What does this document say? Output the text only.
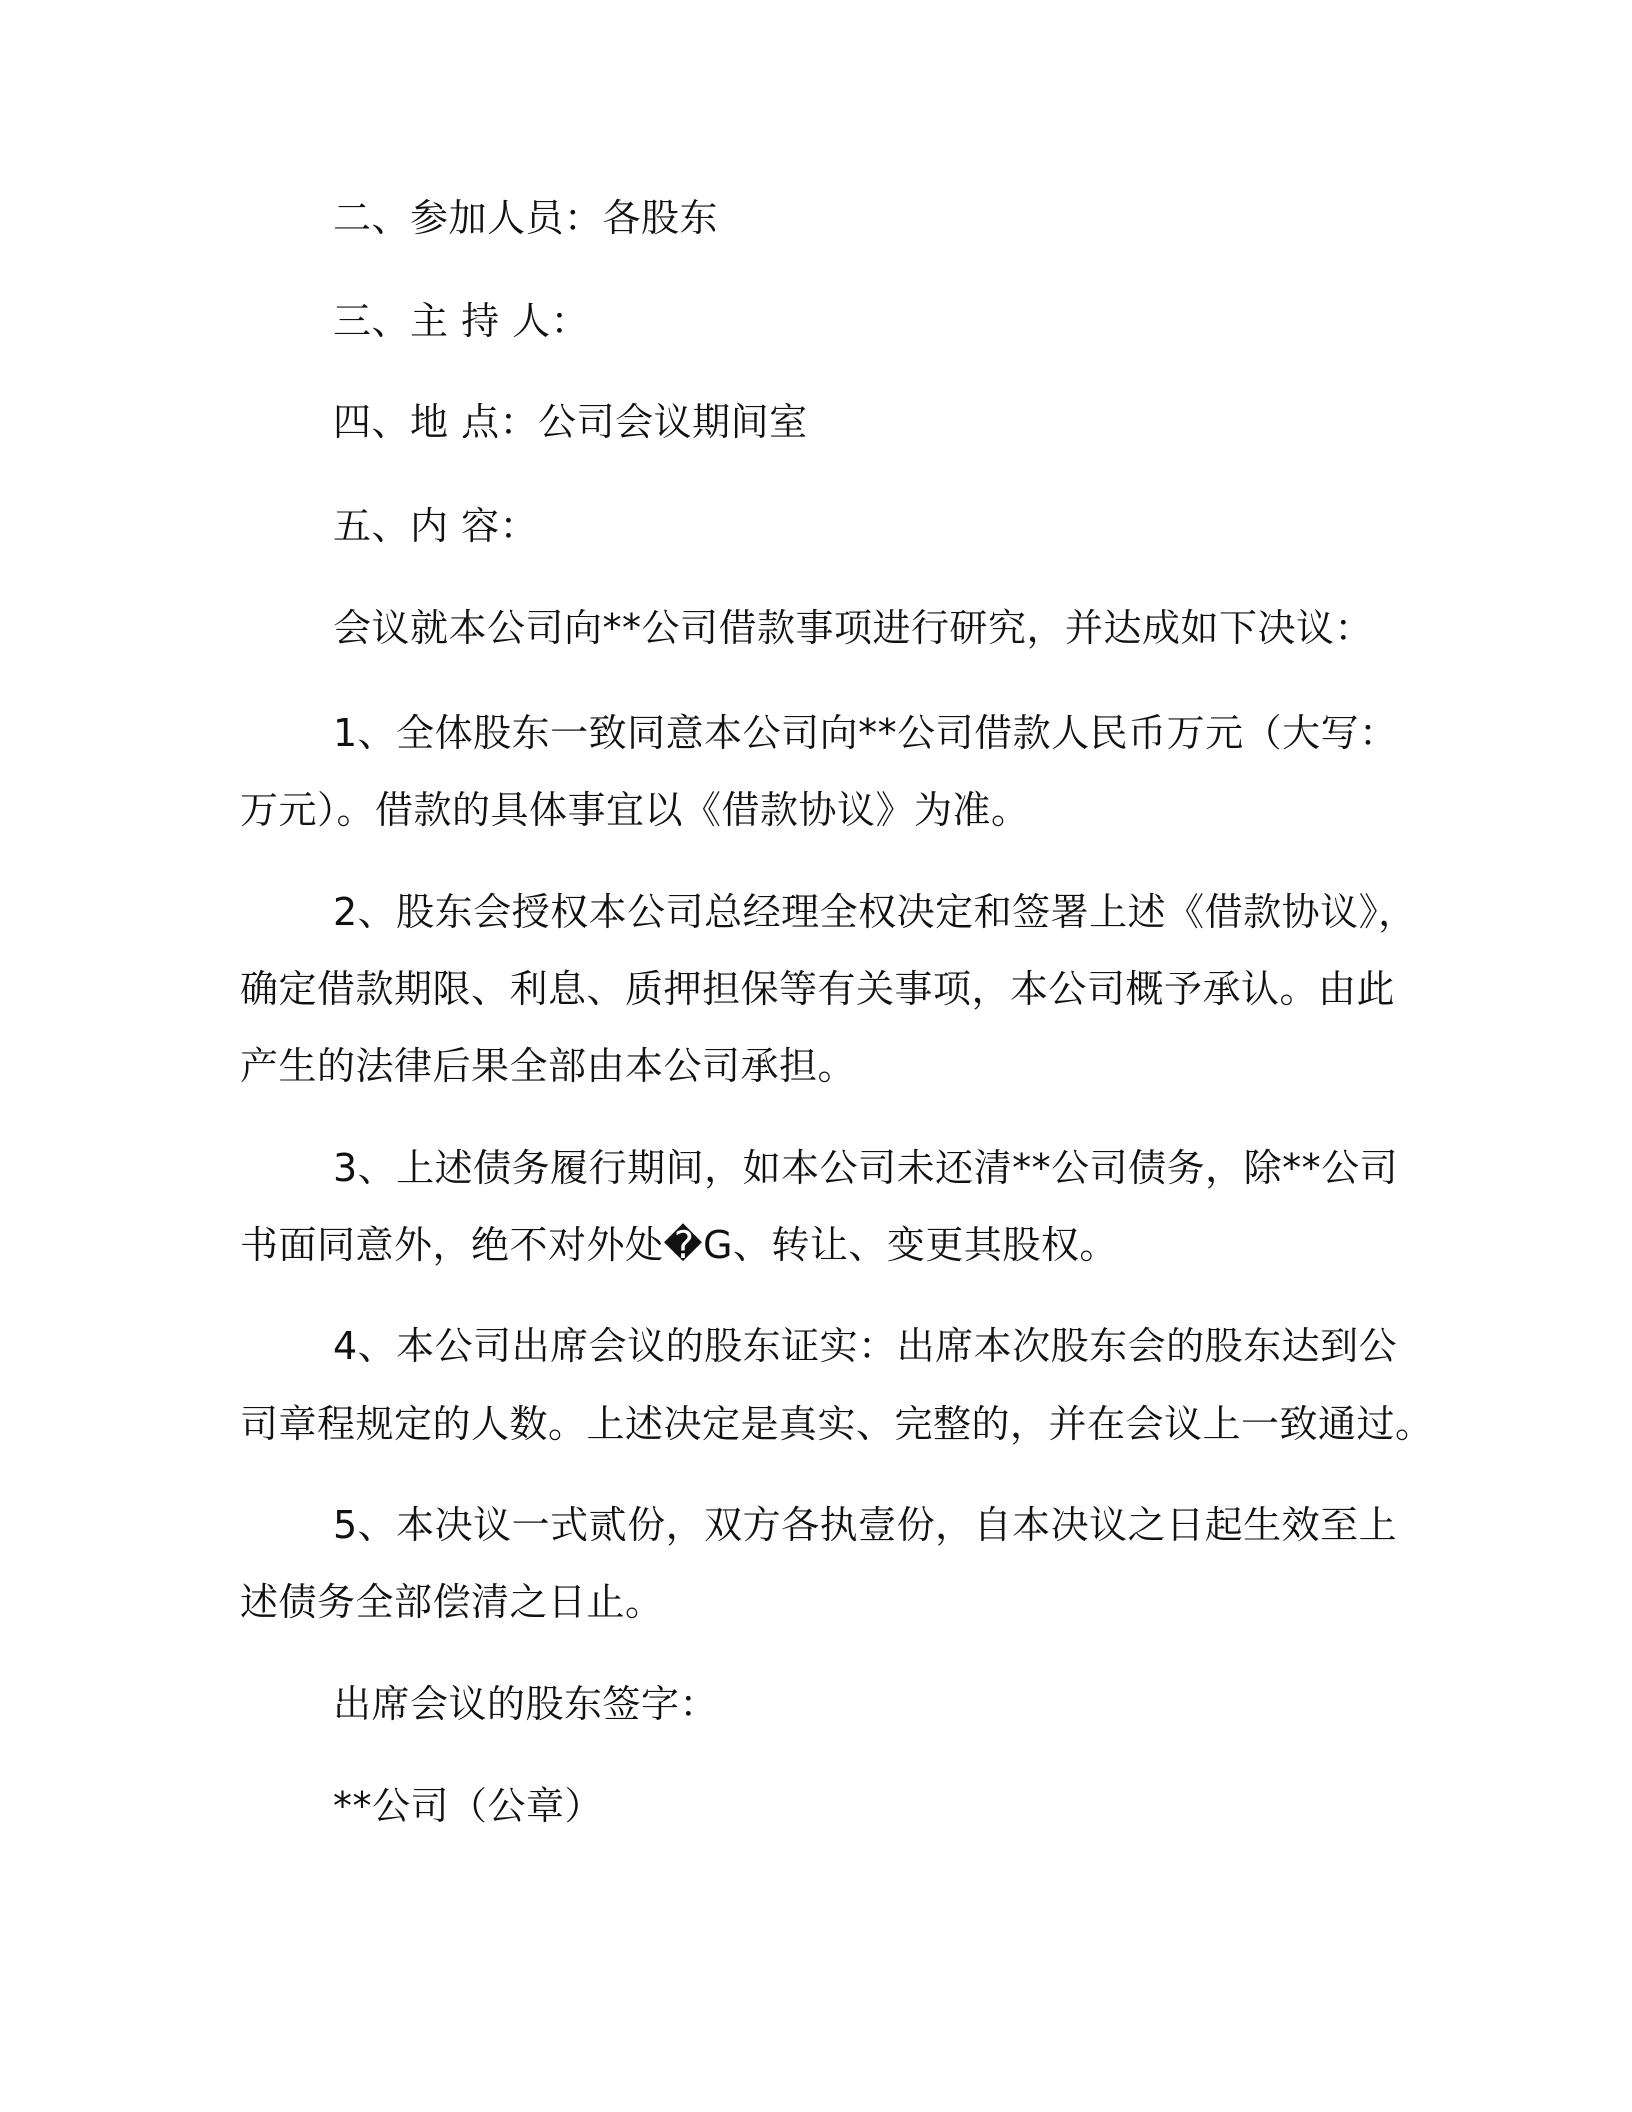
二、参加人员：各股东
三、主 持 人：
四、地 点：公司会议期间室
五、内 容：
会议就本公司向**公司借款事项进行研究，并达成如下决议：
1、全体股东一致同意本公司向**公司借款人民币万元（大写：
万元）。借款的具体事宜以《借款协议》为准。
2、股东会授权本公司总经理全权决定和签署上述《借款协议》，
确定借款期限、利息、质押担保等有关事项，本公司概予承认。由此
产生的法律后果全部由本公司承担。
3、上述债务履行期间，如本公司未还清**公司债务，除**公司
书面同意外，绝不对外处�G、转让、变更其股权。
4、本公司出席会议的股东证实：出席本次股东会的股东达到公
司章程规定的人数。上述决定是真实、完整的，并在会议上一致通过。
5、本决议一式贰份，双方各执壹份，自本决议之日起生效至上
述债务全部偿清之日止。
出席会议的股东签字：
**公司（公章）
